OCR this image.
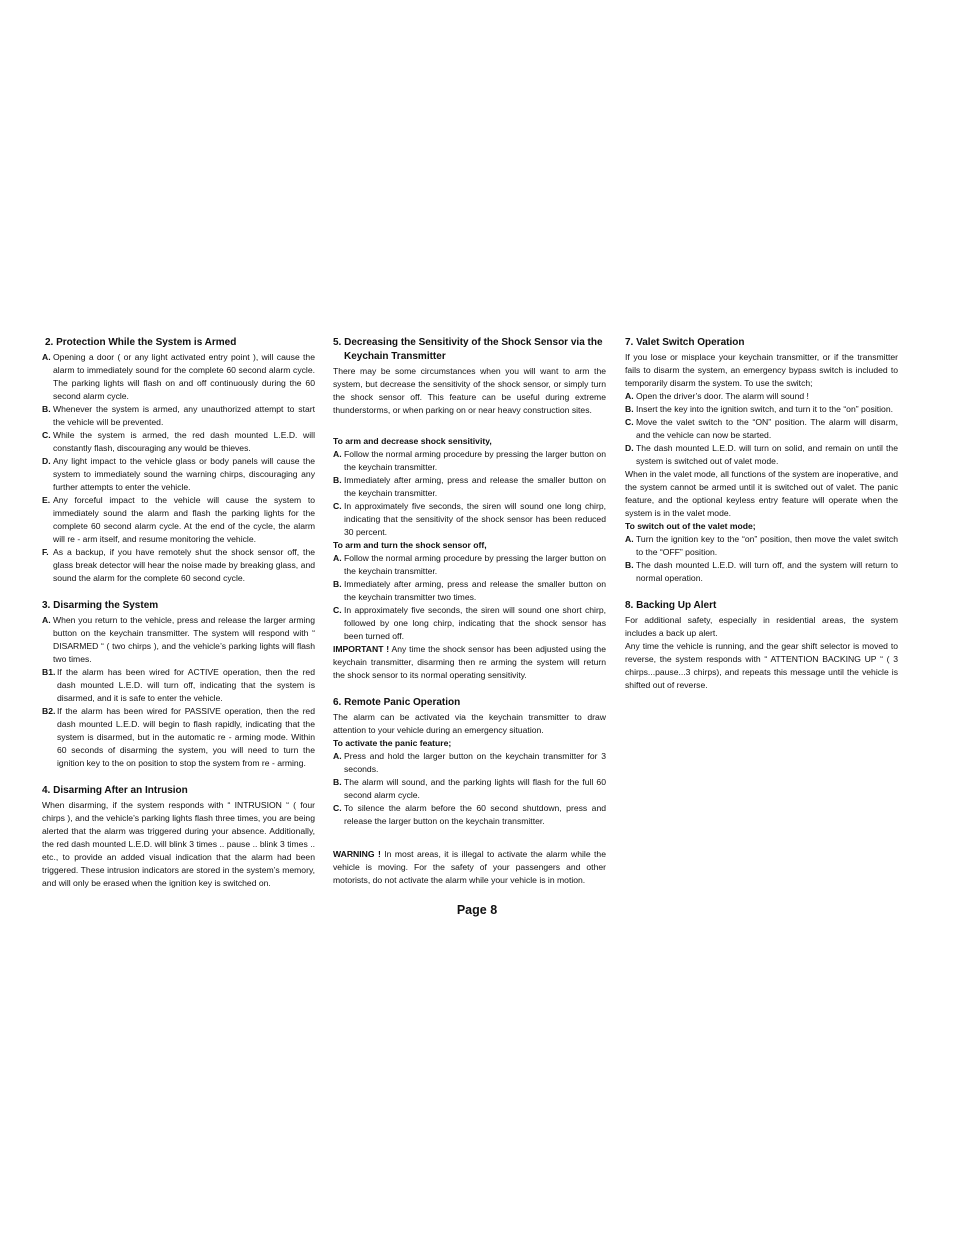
2. Protection While the System is Armed
A. Opening a door ( or any light activated entry point ), will cause the alarm to immediately sound for the complete 60 second alarm cycle. The parking lights will flash on and off continuously during the 60 second alarm cycle.
B. Whenever the system is armed, any unauthorized attempt to start the vehicle will be prevented.
C. While the system is armed, the red dash mounted L.E.D. will constantly flash, discouraging any would be thieves.
D. Any light impact to the vehicle glass or body panels will cause the system to immediately sound the warning chirps, discouraging any further attempts to enter the vehicle.
E. Any forceful impact to the vehicle will cause the system to immediately sound the alarm and flash the parking lights for the complete 60 second alarm cycle. At the end of the cycle, the alarm will re - arm itself, and resume monitoring the vehicle.
F. As a backup, if you have remotely shut the shock sensor off, the glass break detector will hear the noise made by breaking glass, and sound the alarm for the complete 60 second cycle.
3. Disarming the System
A. When you return to the vehicle, press and release the larger arming button on the keychain transmitter. The system will respond with “ DISARMED “ ( two chirps ), and the vehicle’s parking lights will flash two times.
B1. If the alarm has been wired for ACTIVE operation, then the red dash mounted L.E.D. will turn off, indicating that the system is disarmed, and it is safe to enter the vehicle.
B2. If the alarm has been wired for PASSIVE operation, then the red dash mounted L.E.D. will begin to flash rapidly, indicating that the system is disarmed, but in the automatic re - arming mode. Within 60 seconds of disarming the system, you will need to turn the ignition key to the on position to stop the system from re - arming.
4. Disarming After an Intrusion

When disarming, if the system responds with “ INTRUSION “ ( four chirps ), and the vehicle’s parking lights flash three times, you are being alerted that the alarm was triggered during your absence. Additionally, the red dash mounted L.E.D. will blink 3 times .. pause .. blink 3 times .. etc., to provide an added visual indication that the alarm had been triggered. These intrusion indicators are stored in the system’s memory, and will only be erased when the ignition key is switched on.

5. Decreasing the Sensitivity of the Shock Sensor via the Keychain Transmitter

There may be some circumstances when you will want to arm the system, but decrease the sensitivity of the shock sensor, or simply turn the shock sensor off. This feature can be useful during extreme thunderstorms, or when parking on or near heavy construction sites.

To arm and decrease shock sensitivity,

A. Follow the normal arming procedure by pressing the larger button on the keychain transmitter.
B. Immediately after arming, press and release the smaller button on the keychain transmitter.
C. In approximately five seconds, the siren will sound one long chirp, indicating that the sensitivity of the shock sensor has been reduced 30 percent.

To arm and turn the shock sensor off,

A. Follow the normal arming procedure by pressing the larger button on the keychain transmitter.
B. Immediately after arming, press and release the smaller button on the keychain transmitter two times.
C. In approximately five seconds, the siren will sound one short chirp, followed by one long chirp, indicating that the shock sensor has been turned off.

IMPORTANT ! Any time the shock sensor has been adjusted using the keychain transmitter, disarming then re arming the system will return the shock sensor to its normal operating sensitivity.

6. Remote Panic Operation

The alarm can be activated via the keychain transmitter to draw attention to your vehicle during an emergency situation.

To activate the panic feature;

A. Press and hold the larger button on the keychain transmitter for 3 seconds.
B. The alarm will sound, and the parking lights will flash for the full 60 second alarm cycle.
C. To silence the alarm before the 60 second shutdown, press and release the larger button on the keychain transmitter.

WARNING ! In most areas, it is illegal to activate the alarm while the vehicle is moving. For the safety of your passengers and other motorists, do not activate the alarm while your vehicle is in motion.

7. Valet Switch Operation

If you lose or misplace your keychain transmitter, or if the transmitter fails to disarm the system, an emergency bypass switch is included to temporarily disarm the system. To use the switch;

A. Open the driver’s door. The alarm will sound !
B. Insert the key into the ignition switch, and turn it to the “on” position.
C. Move the valet switch to the “ON” position. The alarm will disarm, and the vehicle can now be started.
D. The dash mounted L.E.D. will turn on solid, and remain on until the system is switched out of valet mode.

When in the valet mode, all functions of the system are inoperative, and the system cannot be armed until it is switched out of valet. The panic feature, and the optional keyless entry feature will operate when the system is in the valet mode.

To switch out of the valet mode;

A. Turn the ignition key to the “on” position, then move the valet switch to the “OFF” position.
B. The dash mounted L.E.D. will turn off, and the system will return to normal operation.
8. Backing Up Alert

For additional safety, especially in residential areas, the system includes a back up alert.

Any time the vehicle is running, and the gear shift selector is moved to reverse, the system responds with “ ATTENTION BACKING UP “ ( 3 chirps...pause...3 chirps), and repeats this message until the vehicle is shifted out of reverse.

Page 8
